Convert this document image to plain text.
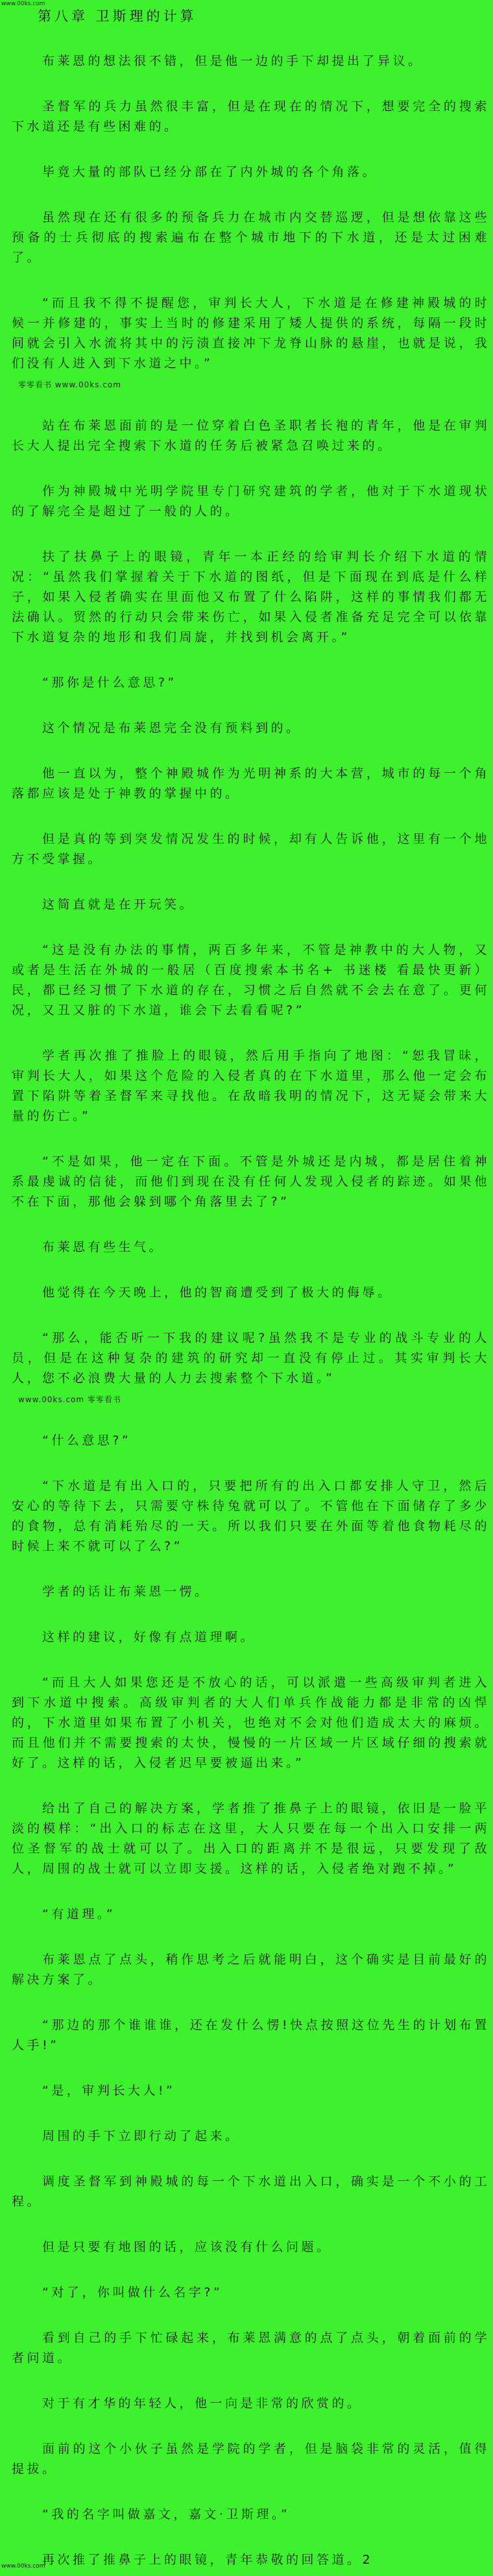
www.00ks.com
第八章 卫斯理的计算

布莱恩的想法很不错，但是他一边的手下却提出了异议。

圣督军的兵力虽然很丰富，但是在现在的情况下，想要完全的搜索下水道还是有些困难的。

毕竟大量的部队已经分部在了内外城的各个角落。

虽然现在还有很多的预备兵力在城市内交替巡逻，但是想依靠这些预备的士兵彻底的搜索遍布在整个城市地下的下水道，还是太过困难了。

“而且我不得不提醒您，审判长大人，下水道是在修建神殿城的时候一并修建的，事实上当时的修建采用了矮人提供的系统，每隔一段时间就会引入水流将其中的污渍直接冲下龙脊山脉的悬崖，也就是说，我们没有人进入到下水道之中。”

零零看书 www.00ks.com

站在布莱恩面前的是一位穿着白色圣职者长袍的青年，他是在审判长大人提出完全搜索下水道的任务后被紧急召唤过来的。

作为神殿城中光明学院里专门研究建筑的学者，他对于下水道现状的了解完全是超过了一般的人的。

扶了扶鼻子上的眼镜，青年一本正经的给审判长介绍下水道的情况：“虽然我们掌握着关于下水道的图纸，但是下面现在到底是什么样子，如果入侵者确实在里面他又布置了什么陷阱，这样的事情我们都无法确认。贸然的行动只会带来伤亡，如果入侵者准备充足完全可以依靠下水道复杂的地形和我们周旋，并找到机会离开。”

“那你是什么意思?”

这个情况是布莱恩完全没有预料到的。

他一直以为，整个神殿城作为光明神系的大本营，城市的每一个角落都应该是处于神教的掌握中的。

但是真的等到突发情况发生的时候，却有人告诉他，这里有一个地方不受掌握。

这简直就是在开玩笑。

“这是没有办法的事情，两百多年来，不管是神教中的大人物，又或者是生活在外城的一般居（百度搜索本书名+ 书迷楼 看最快更新）民，都已经习惯了下水道的存在，习惯之后自然就不会去在意了。更何况，又丑又脏的下水道，谁会下去看看呢?”

学者再次推了推脸上的眼镜，然后用手指向了地图：“恕我冒昧，审判长大人，如果这个危险的入侵者真的在下水道里，那么他一定会布置下陷阱等着圣督军来寻找他。在敌暗我明的情况下，这无疑会带来大量的伤亡。”

“不是如果，他一定在下面。不管是外城还是内城，都是居住着神系最虔诚的信徒，而他们到现在没有任何人发现入侵者的踪迹。如果他不在下面，那他会躲到哪个角落里去了?”

布莱恩有些生气。

他觉得在今天晚上，他的智商遭受到了极大的侮辱。

“那么，能否听一下我的建议呢?虽然我不是专业的战斗专业的人员，但是在这种复杂的建筑的研究却一直没有停止过。其实审判长大人，您不必浪费大量的人力去搜索整个下水道。”

www.00ks.com 零零看书

“什么意思?”

“下水道是有出入口的，只要把所有的出入口都安排人守卫，然后安心的等待下去，只需要守株待兔就可以了。不管他在下面储存了多少的食物，总有消耗殆尽的一天。所以我们只要在外面等着他食物耗尽的时候上来不就可以了么?”

学者的话让布莱恩一愣。

这样的建议，好像有点道理啊。

“而且大人如果您还是不放心的话，可以派遣一些高级审判者进入到下水道中搜索。高级审判者的大人们单兵作战能力都是非常的凶悍的，下水道里如果布置了小机关，也绝对不会对他们造成太大的麻烦。而且他们并不需要搜索的太快，慢慢的一片区域一片区域仔细的搜索就好了。这样的话，入侵者迟早要被逼出来。”

给出了自己的解决方案，学者推了推鼻子上的眼镜，依旧是一脸平淡的模样：“出入口的标志在这里，大人只要在每一个出入口安排一两位圣督军的战士就可以了。出入口的距离并不是很远，只要发现了敌人，周围的战士就可以立即支援。这样的话，入侵者绝对跑不掉。”

“有道理。”

布莱恩点了点头，稍作思考之后就能明白，这个确实是目前最好的解决方案了。

“那边的那个谁谁谁，还在发什么愣!快点按照这位先生的计划布置人手!”

“是，审判长大人!”

周围的手下立即行动了起来。

调度圣督军到神殿城的每一个下水道出入口，确实是一个不小的工程。

但是只要有地图的话，应该没有什么问题。

“对了，你叫做什么名字?”

看到自己的手下忙碌起来，布莱恩满意的点了点头，朝着面前的学者问道。

对于有才华的年轻人，他一向是非常的欣赏的。

面前的这个小伙子虽然是学院的学者，但是脑袋非常的灵活，值得提拔。

“我的名字叫做嘉文，嘉文·卫斯理。”

再次推了推鼻子上的眼镜，青年恭敬的回答道。2

www.00ks.com
